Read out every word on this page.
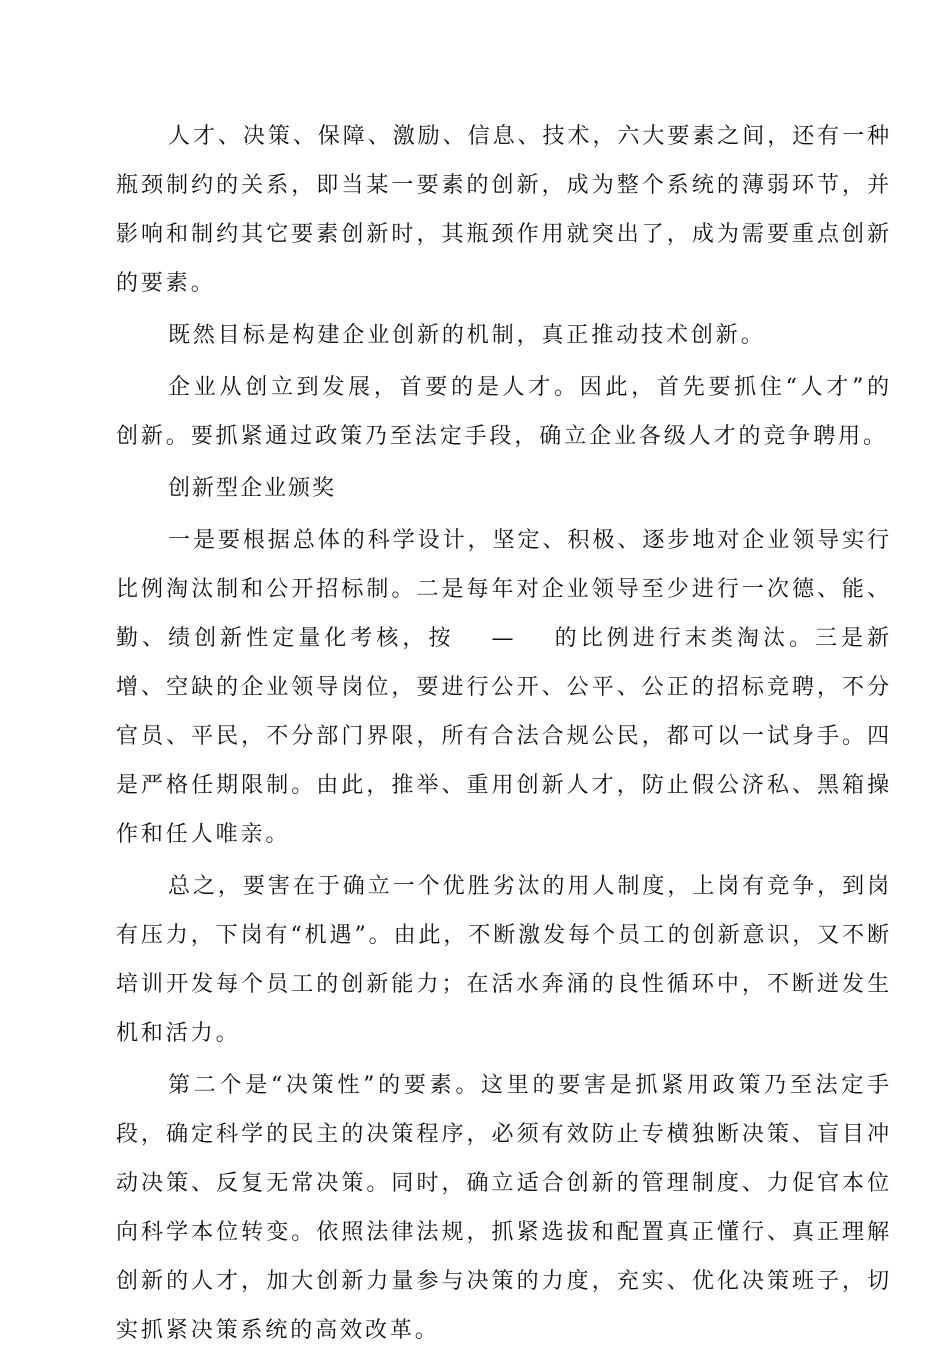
人才、决策、保障、激励、信息、技术，六大要素之间，还有一种瓶颈制约的关系，即当某一要素的创新，成为整个系统的薄弱环节，并影响和制约其它要素创新时，其瓶颈作用就突出了，成为需要重点创新的要素。

既然目标是构建企业创新的机制，真正推动技术创新。

企业从创立到发展，首要的是人才。因此，首先要抓住“人才”的创新。要抓紧通过政策乃至法定手段，确立企业各级人才的竞争聘用。

创新型企业颁奖

一是要根据总体的科学设计，坚定、积极、逐步地对企业领导实行比例淘汰制和公开招标制。二是每年对企业领导至少进行一次德、能、勤、绩创新性定量化考核，按　 —　 的比例进行末类淘汰。三是新增、空缺的企业领导岗位，要进行公开、公平、公正的招标竞聘，不分官员、平民，不分部门界限，所有合法合规公民，都可以一试身手。四是严格任期限制。由此，推举、重用创新人才，防止假公济私、黑箱操作和任人唯亲。

总之，要害在于确立一个优胜劣汰的用人制度，上岗有竞争，到岗有压力，下岗有“机遇”。由此，不断激发每个员工的创新意识，又不断培训开发每个员工的创新能力；在活水奔涌的良性循环中，不断迸发生机和活力。

第二个是“决策性”的要素。这里的要害是抓紧用政策乃至法定手段，确定科学的民主的决策程序，必须有效防止专横独断决策、盲目冲动决策、反复无常决策。同时，确立适合创新的管理制度、力促官本位向科学本位转变。依照法律法规，抓紧选拔和配置真正懂行、真正理解创新的人才，加大创新力量参与决策的力度，充实、优化决策班子，切实抓紧决策系统的高效改革。
